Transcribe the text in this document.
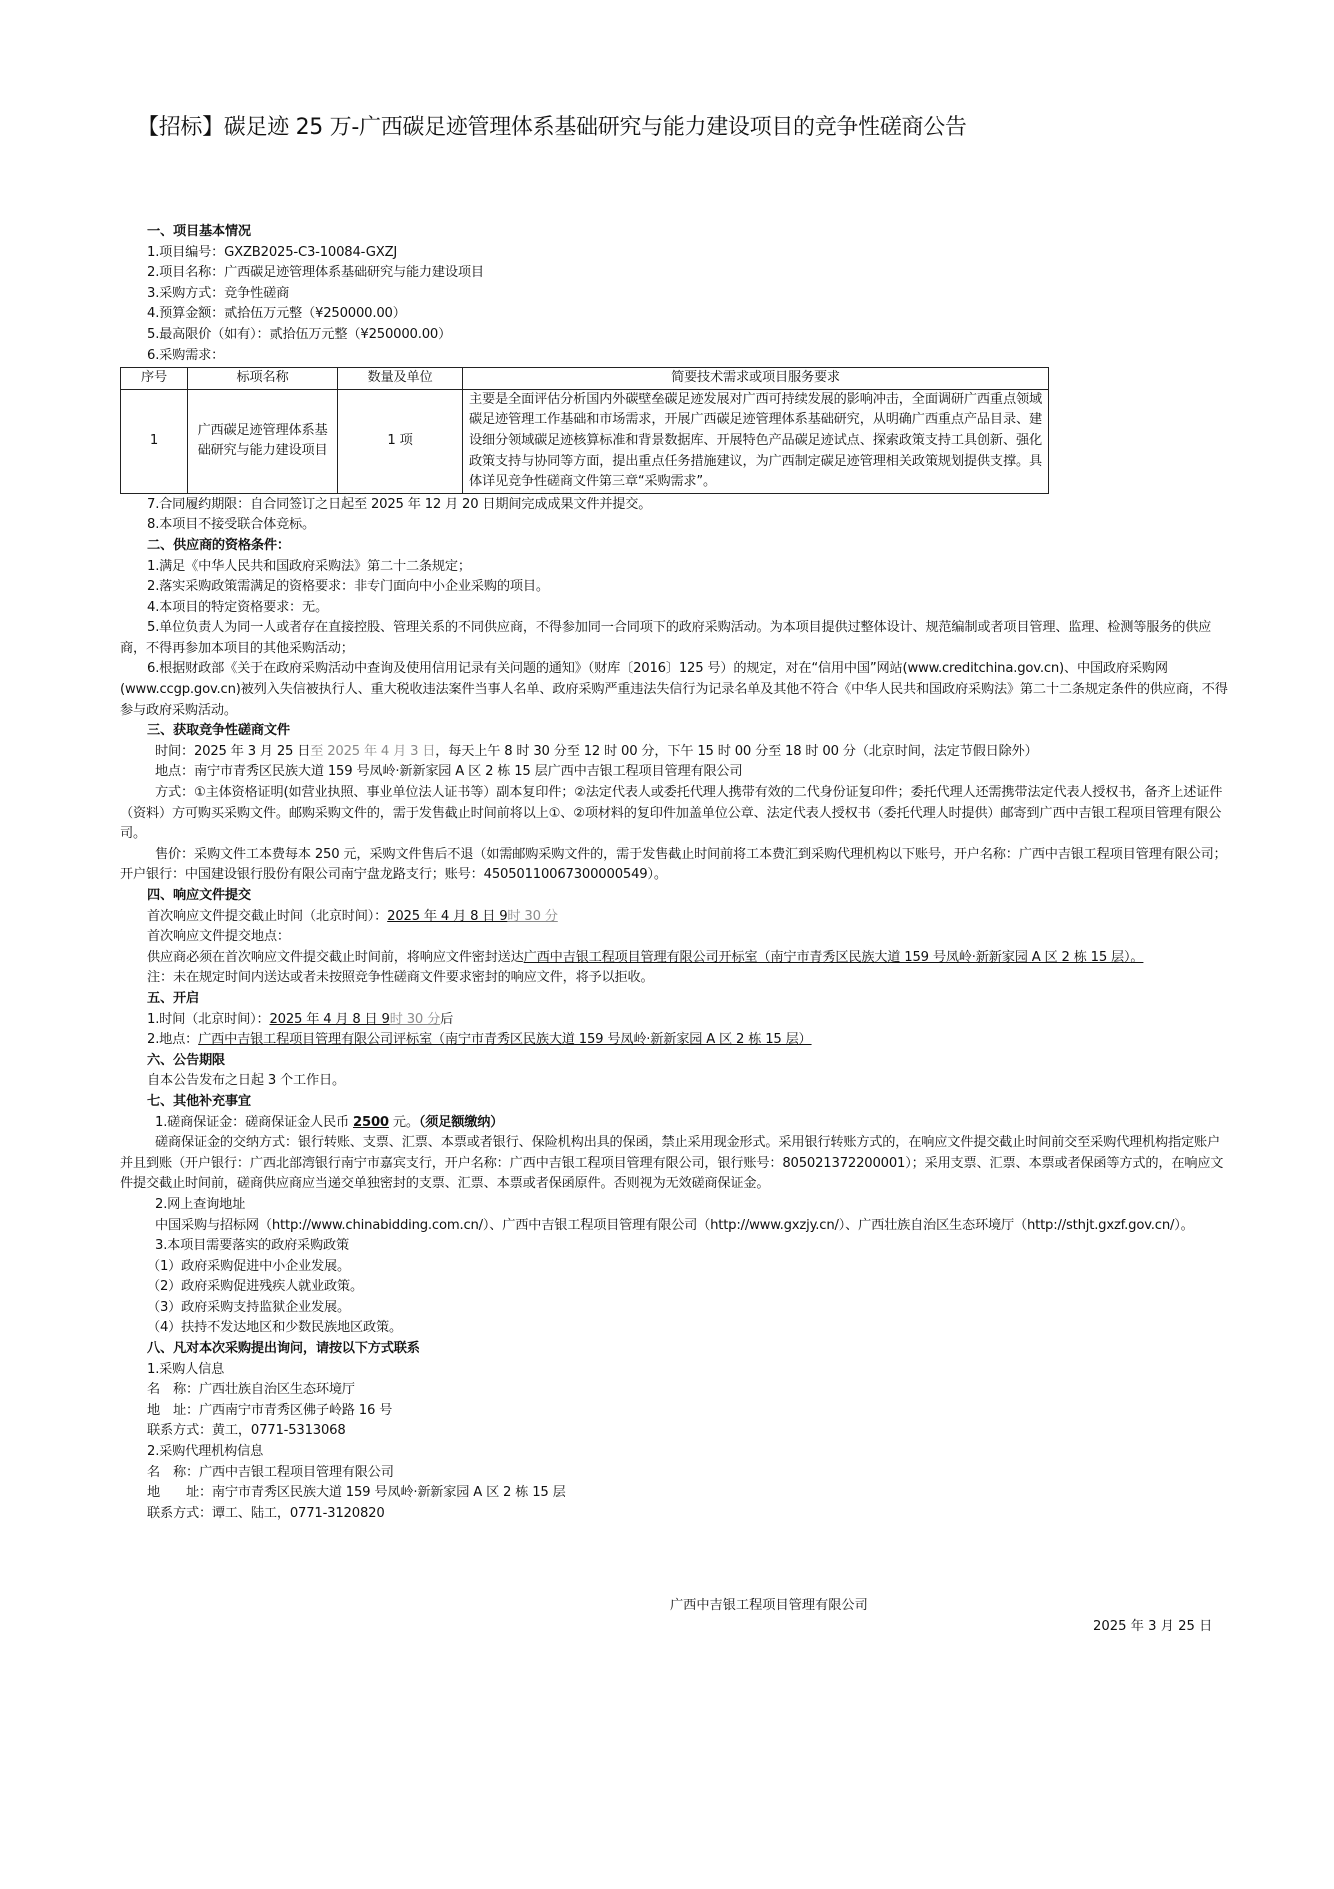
【招标】碳足迹 25 万-广西碳足迹管理体系基础研究与能力建设项目的竞争性磋商公告
一、项目基本情况
1.项目编号：GXZB2025-C3-10084-GXZJ
2.项目名称：广西碳足迹管理体系基础研究与能力建设项目
3.采购方式：竞争性磋商
4.预算金额：贰拾伍万元整（¥250000.00）
5.最高限价（如有）：贰拾伍万元整（¥250000.00）
6.采购需求：
序号	标项名称	数量及单位	简要技术需求或项目服务要求
1	广西碳足迹管理体系基础研究与能力建设项目	1 项	主要是全面评估分析国内外碳壁垒碳足迹发展对广西可持续发展的影响冲击，全面调研广西重点领域碳足迹管理工作基础和市场需求，开展广西碳足迹管理体系基础研究，从明确广西重点产品目录、建设细分领域碳足迹核算标准和背景数据库、开展特色产品碳足迹试点、探索政策支持工具创新、强化政策支持与协同等方面，提出重点任务措施建议，为广西制定碳足迹管理相关政策规划提供支撑。具体详见竞争性磋商文件第三章“采购需求”。
7.合同履约期限：自合同签订之日起至 2025 年 12 月 20 日期间完成成果文件并提交。
8.本项目不接受联合体竞标。
二、供应商的资格条件：
1.满足《中华人民共和国政府采购法》第二十二条规定；
2.落实采购政策需满足的资格要求：非专门面向中小企业采购的项目。
4.本项目的特定资格要求：无。
5.单位负责人为同一人或者存在直接控股、管理关系的不同供应商，不得参加同一合同项下的政府采购活动。为本项目提供过整体设计、规范编制或者项目管理、监理、检测等服务的供应商，不得再参加本项目的其他采购活动；
6.根据财政部《关于在政府采购活动中查询及使用信用记录有关问题的通知》（财库〔2016〕125 号）的规定，对在“信用中国”网站(www.creditchina.gov.cn)、中国政府采购网(www.ccgp.gov.cn)被列入失信被执行人、重大税收违法案件当事人名单、政府采购严重违法失信行为记录名单及其他不符合《中华人民共和国政府采购法》第二十二条规定条件的供应商，不得参与政府采购活动。
三、获取竞争性磋商文件
时间：2025 年 3 月 25 日至 2025 年 4 月 3 日，每天上午 8 时 30 分至 12 时 00 分，下午 15 时 00 分至 18 时 00 分（北京时间，法定节假日除外）
地点：南宁市青秀区民族大道 159 号凤岭·新新家园 A 区 2 栋 15 层广西中吉银工程项目管理有限公司
方式：①主体资格证明(如营业执照、事业单位法人证书等）副本复印件；②法定代表人或委托代理人携带有效的二代身份证复印件；委托代理人还需携带法定代表人授权书，备齐上述证件（资料）方可购买采购文件。邮购采购文件的，需于发售截止时间前将以上①、②项材料的复印件加盖单位公章、法定代表人授权书（委托代理人时提供）邮寄到广西中吉银工程项目管理有限公司。
售价：采购文件工本费每本 250 元，采购文件售后不退（如需邮购采购文件的，需于发售截止时间前将工本费汇到采购代理机构以下账号，开户名称：广西中吉银工程项目管理有限公司；开户银行：中国建设银行股份有限公司南宁盘龙路支行；账号：45050110067300000549）。
四、响应文件提交
首次响应文件提交截止时间（北京时间）：2025 年 4 月 8 日 9时 30 分
首次响应文件提交地点：
供应商必须在首次响应文件提交截止时间前，将响应文件密封送达广西中吉银工程项目管理有限公司开标室（南宁市青秀区民族大道 159 号凤岭·新新家园 A 区 2 栋 15 层）。
注：未在规定时间内送达或者未按照竞争性磋商文件要求密封的响应文件，将予以拒收。
五、开启
1.时间（北京时间）：2025 年 4 月 8 日 9时 30 分后
2.地点：广西中吉银工程项目管理有限公司评标室（南宁市青秀区民族大道 159 号凤岭·新新家园 A 区 2 栋 15 层）
六、公告期限
自本公告发布之日起 3 个工作日。
七、其他补充事宜
1.磋商保证金：磋商保证金人民币 2500 元。（须足额缴纳）
磋商保证金的交纳方式：银行转账、支票、汇票、本票或者银行、保险机构出具的保函，禁止采用现金形式。采用银行转账方式的，在响应文件提交截止时间前交至采购代理机构指定账户并且到账（开户银行：广西北部湾银行南宁市嘉宾支行，开户名称：广西中吉银工程项目管理有限公司，银行账号：805021372200001）；采用支票、汇票、本票或者保函等方式的，在响应文件提交截止时间前，磋商供应商应当递交单独密封的支票、汇票、本票或者保函原件。否则视为无效磋商保证金。
2.网上查询地址
中国采购与招标网（http://www.chinabidding.com.cn/）、广西中吉银工程项目管理有限公司（http://www.gxzjy.cn/）、广西壮族自治区生态环境厅（http://sthjt.gxzf.gov.cn/）。
3.本项目需要落实的政府采购政策
（1）政府采购促进中小企业发展。
（2）政府采购促进残疾人就业政策。
（3）政府采购支持监狱企业发展。
（4）扶持不发达地区和少数民族地区政策。
八、凡对本次采购提出询问，请按以下方式联系
1.采购人信息
名　称：广西壮族自治区生态环境厅
地　址：广西南宁市青秀区佛子岭路 16 号
联系方式：黄工，0771-5313068
2.采购代理机构信息
名　称：广西中吉银工程项目管理有限公司
地　　址：南宁市青秀区民族大道 159 号凤岭·新新家园 A 区 2 栋 15 层
联系方式：谭工、陆工，0771-3120820
广西中吉银工程项目管理有限公司
2025 年 3 月 25 日
